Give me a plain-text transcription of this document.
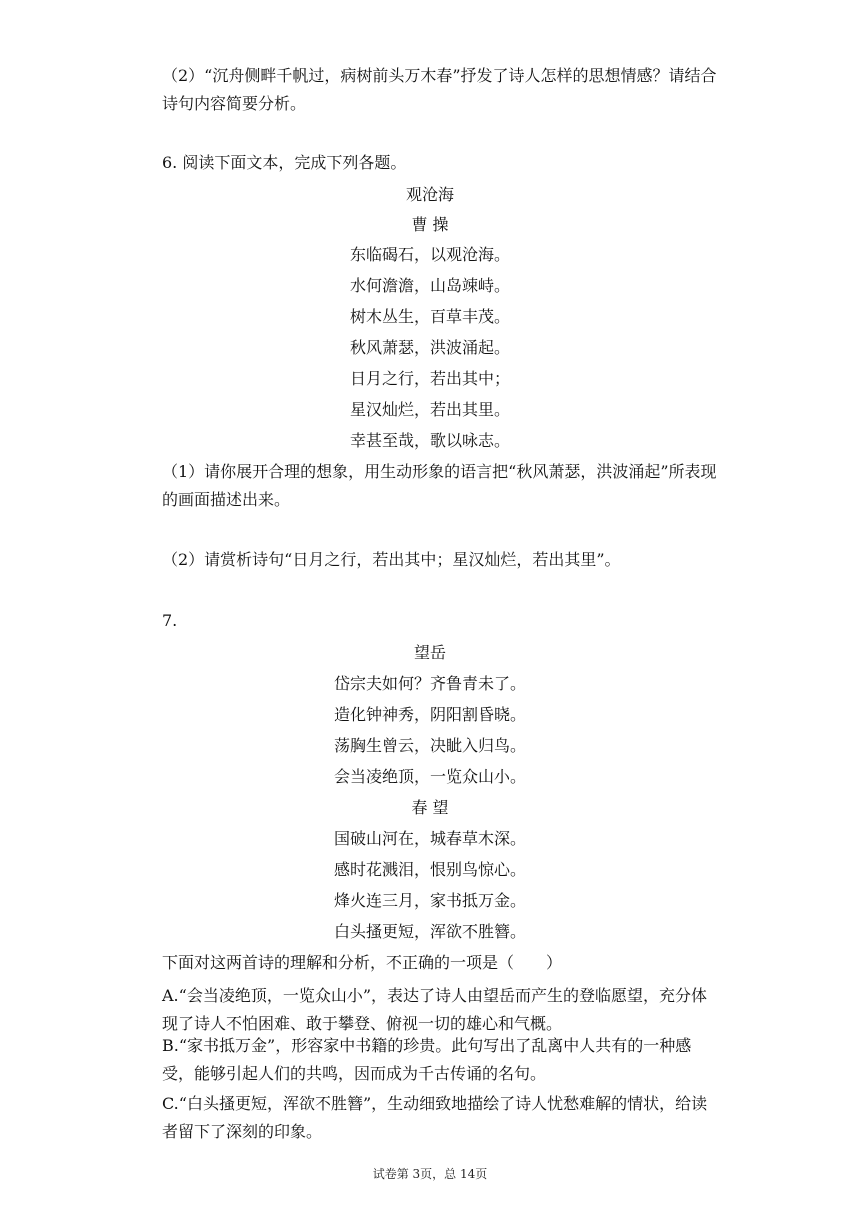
（2）“沉舟侧畔千帆过，病树前头万木春”抒发了诗人怎样的思想情感？请结合诗句内容简要分析。
6. 阅读下面文本，完成下列各题。
观沧海
曹 操
东临碣石，以观沧海。
水何澹澹，山岛竦峙。
树木丛生，百草丰茂。
秋风萧瑟，洪波涌起。
日月之行，若出其中；
星汉灿烂，若出其里。
幸甚至哉，歌以咏志。
（1）请你展开合理的想象，用生动形象的语言把“秋风萧瑟，洪波涌起”所表现的画面描述出来。
（2）请赏析诗句“日月之行，若出其中；星汉灿烂，若出其里”。
7.
望岳
岱宗夫如何？齐鲁青未了。
造化钟神秀，阴阳割昏晓。
荡胸生曾云，决眦入归鸟。
会当凌绝顶，一览众山小。
春 望
国破山河在，城春草木深。
感时花溅泪，恨别鸟惊心。
烽火连三月，家书抵万金。
白头搔更短，浑欲不胜簪。
下面对这两首诗的理解和分析，不正确的一项是（　　）
A.“会当凌绝顶，一览众山小”，表达了诗人由望岳而产生的登临愿望，充分体现了诗人不怕困难、敢于攀登、俯视一切的雄心和气概。
B.“家书抵万金”，形容家中书籍的珍贵。此句写出了乱离中人共有的一种感受，能够引起人们的共鸣，因而成为千古传诵的名句。
C.“白头搔更短，浑欲不胜簪”，生动细致地描绘了诗人忧愁难解的情状，给读者留下了深刻的印象。
试卷第 3页，总 14页
